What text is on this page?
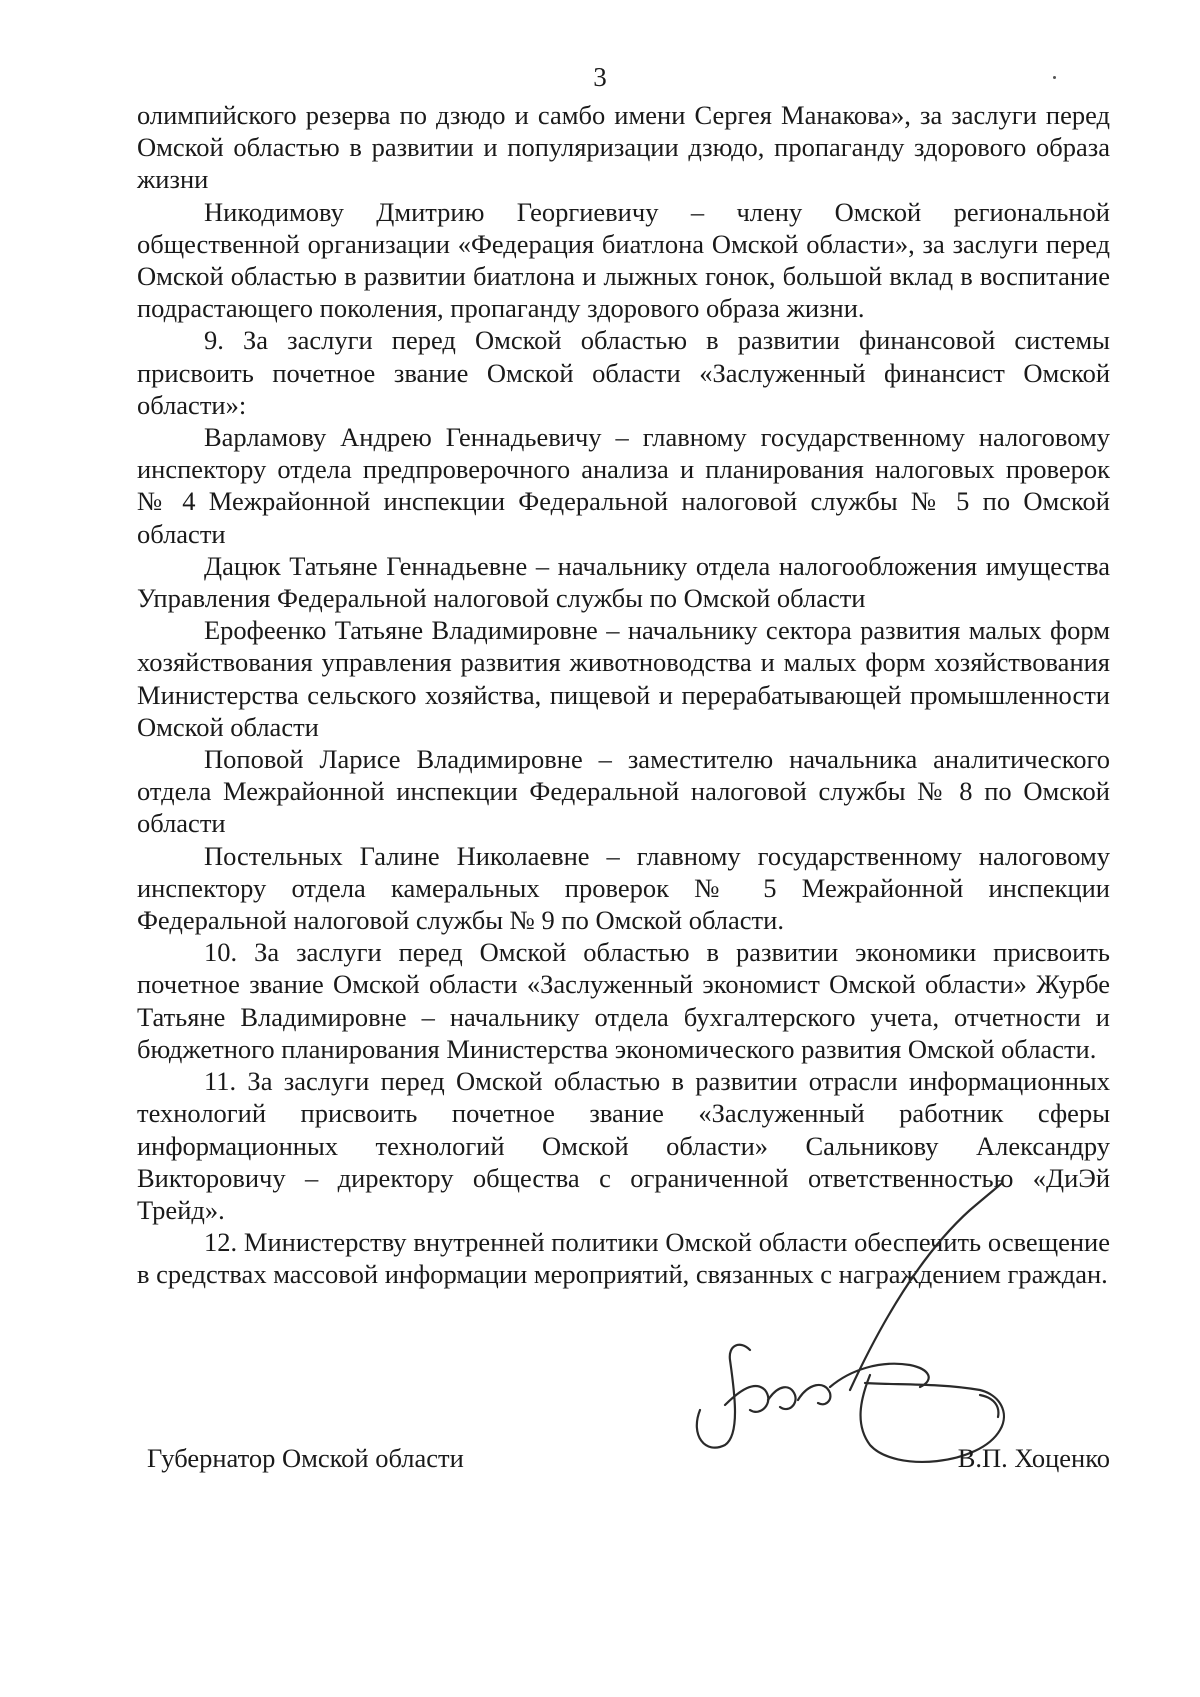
3

олимпийского резерва по дзюдо и самбо имени Сергея Манакова», за заслуги перед Омской областью в развитии и популяризации дзюдо, пропаганду здорового образа жизни

Никодимову Дмитрию Георгиевичу – члену Омской региональной общественной организации «Федерация биатлона Омской области», за заслуги перед Омской областью в развитии биатлона и лыжных гонок, большой вклад в воспитание подрастающего поколения, пропаганду здорового образа жизни.

9. За заслуги перед Омской областью в развитии финансовой системы присвоить почетное звание Омской области «Заслуженный финансист Омской области»:

Варламову Андрею Геннадьевичу – главному государственному налоговому инспектору отдела предпроверочного анализа и планирования налоговых проверок № 4 Межрайонной инспекции Федеральной налоговой службы № 5 по Омской области

Дацюк Татьяне Геннадьевне – начальнику отдела налогообложения имущества Управления Федеральной налоговой службы по Омской области

Ерофеенко Татьяне Владимировне – начальнику сектора развития малых форм хозяйствования управления развития животноводства и малых форм хозяйствования Министерства сельского хозяйства, пищевой и перерабатывающей промышленности Омской области

Поповой Ларисе Владимировне – заместителю начальника аналитического отдела Межрайонной инспекции Федеральной налоговой службы № 8 по Омской области

Постельных Галине Николаевне – главному государственному налоговому инспектору отдела камеральных проверок № 5 Межрайонной инспекции Федеральной налоговой службы № 9 по Омской области.

10. За заслуги перед Омской областью в развитии экономики присвоить почетное звание Омской области «Заслуженный экономист Омской области» Журбе Татьяне Владимировне – начальнику отдела бухгалтерского учета, отчетности и бюджетного планирования Министерства экономического развития Омской области.

11. За заслуги перед Омской областью в развитии отрасли информационных технологий присвоить почетное звание «Заслуженный работник сферы информационных технологий Омской области» Сальникову Александру Викторовичу – директору общества с ограниченной ответственностью «ДиЭй Трейд».

12. Министерству внутренней политики Омской области обеспечить освещение в средствах массовой информации мероприятий, связанных с награждением граждан.

Губернатор Омской области	В.П. Хоценко
